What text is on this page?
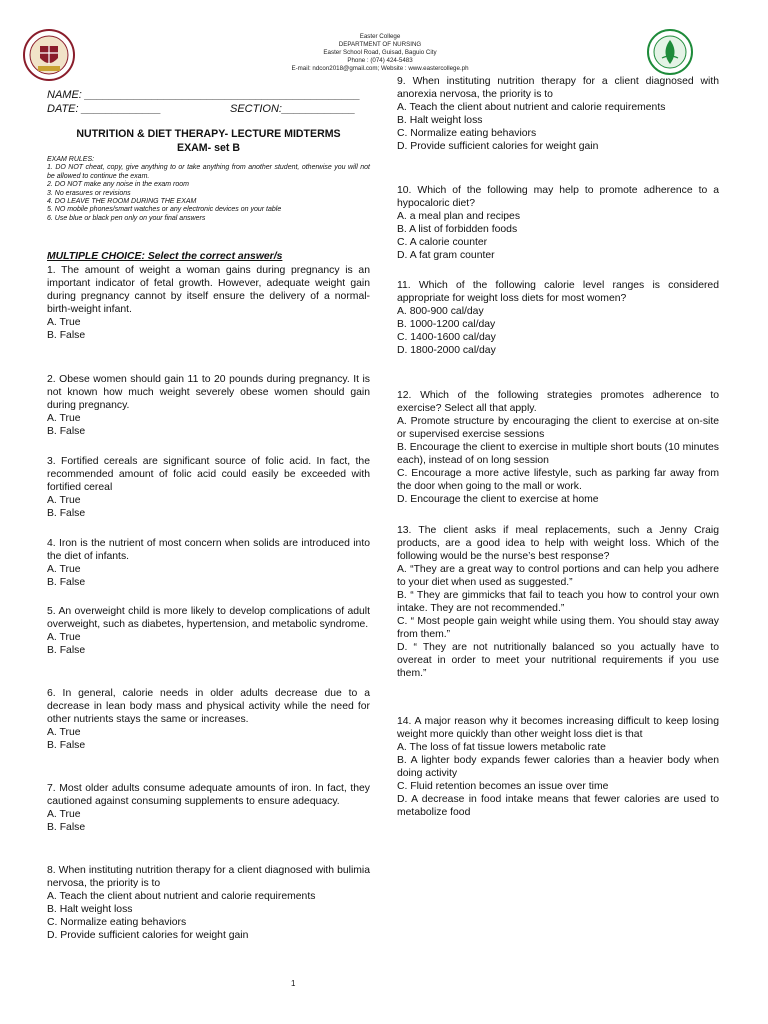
Easter College
DEPARTMENT OF NURSING
Easter School Road, Guisad, Baguio City
Phone : (074) 424-5483
E-mail: ndcon2018@gmail.com; Website : www.eastercollege.ph
NAME: _____________________________________________
DATE: _____________	SECTION:____________
NUTRITION & DIET THERAPY- LECTURE MIDTERMS
EXAM- set B
EXAM RULES:
1. DO NOT cheat, copy, give anything to or take anything from another student, otherwise you will not be allowed to continue the exam.
2. DO NOT make any noise in the exam room
3. No erasures or revisions
4. DO LEAVE THE ROOM DURING THE EXAM
5. NO mobile phones/smart watches or any electronic devices on your table
6. Use blue or black pen only on your final answers
MULTIPLE CHOICE: Select the correct answer/s

1. The amount of weight a woman gains during pregnancy is an important indicator of fetal growth. However, adequate weight gain during pregnancy cannot by itself ensure the delivery of a normal-birth-weight infant.

A. True

B. False

2. Obese women should gain 11 to 20 pounds during pregnancy. It is not known how much weight severely obese women should gain during pregnancy.

A. True

B. False

3. Fortified cereals are significant source of folic acid. In fact, the recommended amount of folic acid could easily be exceeded with fortified cereal

A. True

B. False

4. Iron is the nutrient of most concern when solids are introduced into the diet of infants.

A. True

B. False

5. An overweight child is more likely to develop complications of adult overweight, such as diabetes, hypertension, and metabolic syndrome.

A. True

B. False

6. In general, calorie needs in older adults decrease due to a decrease in lean body mass and physical activity while the need for other nutrients stays the same or increases.

A. True

B. False

7. Most older adults consume adequate amounts of iron. In fact, they cautioned against consuming supplements to ensure adequacy.

A. True

B. False

8. When instituting nutrition therapy for a client diagnosed with bulimia nervosa, the priority is to

A. Teach the client about nutrient and calorie requirements

B. Halt weight loss

C. Normalize eating behaviors

D. Provide sufficient calories for weight gain

9. When instituting nutrition therapy for a client diagnosed with anorexia nervosa, the priority is to

A. Teach the client about nutrient and calorie requirements

B. Halt weight loss

C. Normalize eating behaviors

D. Provide sufficient calories for weight gain

10. Which of the following may help to promote adherence to a hypocaloric diet?

A. a meal plan and recipes

B. A list of forbidden foods

C. A calorie counter

D. A fat gram counter

11. Which of the following calorie level ranges is considered appropriate for weight loss diets for most women?

A. 800-900 cal/day

B. 1000-1200 cal/day

C. 1400-1600 cal/day

D. 1800-2000 cal/day

12. Which of the following strategies promotes adherence to exercise? Select all that apply.

A. Promote structure by encouraging the client to exercise at on-site or supervised exercise sessions

B. Encourage the client to exercise in multiple short bouts (10 minutes each), instead of on long session

C. Encourage a more active lifestyle, such as parking far away from the door when going to the mall or work.

D. Encourage the client to exercise at home

13. The client asks if meal replacements, such a Jenny Craig products, are a good idea to help with weight loss. Which of the following would be the nurse’s best response?

A. “They are a great way to control portions and can help you adhere to your diet when used as suggested.”

B. “ They are gimmicks that fail to teach you how to control your own intake. They are not recommended.”

C. “ Most people gain weight while using them. You should stay away from them.”

D. “ They are not nutritionally balanced so you actually have to overeat in order to meet your nutritional requirements if you use them.”

14. A major reason why it becomes increasing difficult to keep losing weight more quickly than other weight loss diet is that

A. The loss of fat tissue lowers metabolic rate

B. A lighter body expands fewer calories than a heavier body when doing activity

C. Fluid retention becomes an issue over time

D. A decrease in food intake means that fewer calories are used to metabolize food

1
